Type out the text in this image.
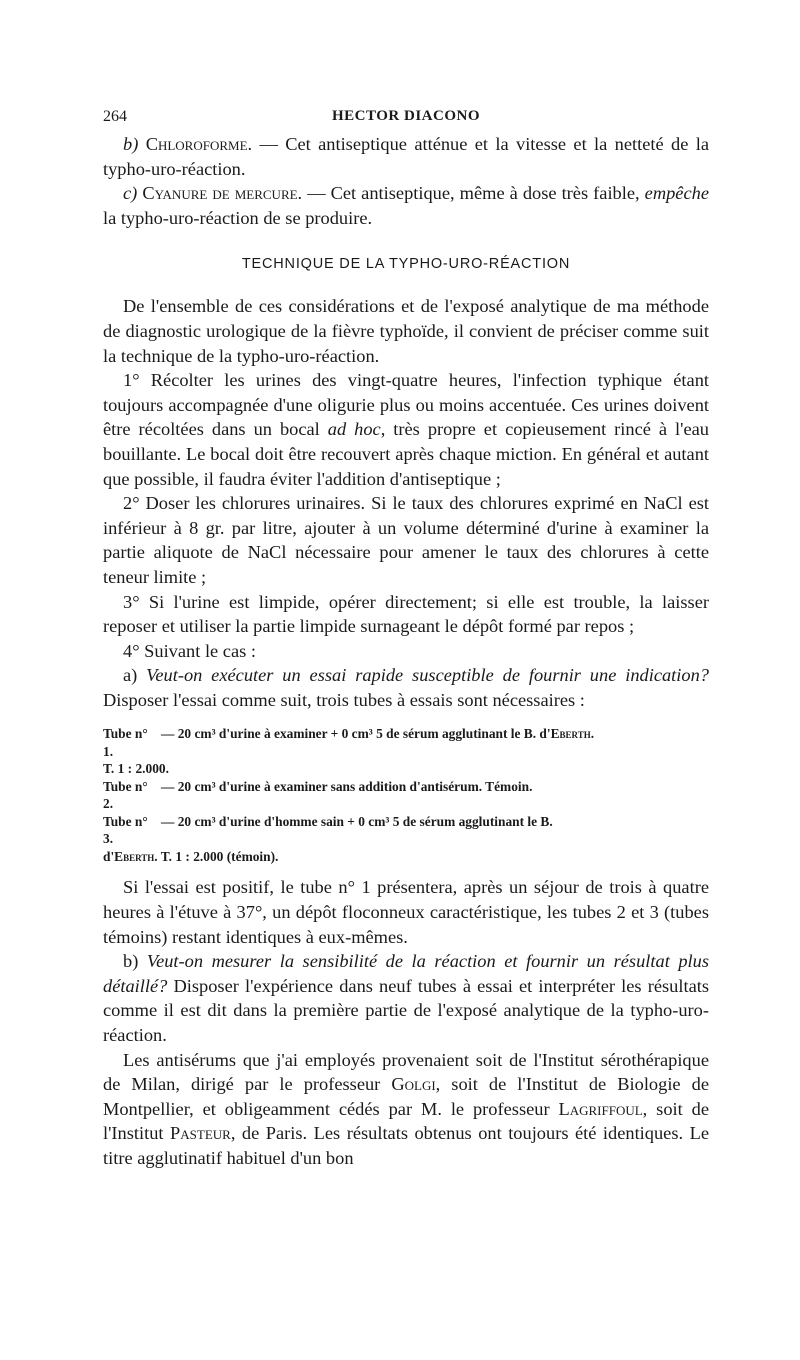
264	HECTOR DIACONO

b) Chloroforme. — Cet antiseptique atténue et la vitesse et la netteté de la typho-uro-réaction.

c) Cyanure de mercure. — Cet antiseptique, même à dose très faible, empêche la typho-uro-réaction de se produire.

TECHNIQUE DE LA TYPHO-URO-RÉACTION

De l'ensemble de ces considérations et de l'exposé analytique de ma méthode de diagnostic urologique de la fièvre typhoïde, il convient de préciser comme suit la technique de la typho-uro-réaction.

1° Récolter les urines des vingt-quatre heures, l'infection typhique étant toujours accompagnée d'une oligurie plus ou moins accentuée. Ces urines doivent être récoltées dans un bocal ad hoc, très propre et copieusement rincé à l'eau bouillante. Le bocal doit être recouvert après chaque miction. En général et autant que possible, il faudra éviter l'addition d'antiseptique ;

2° Doser les chlorures urinaires. Si le taux des chlorures exprimé en NaCl est inférieur à 8 gr. par litre, ajouter à un volume déterminé d'urine à examiner la partie aliquote de NaCl nécessaire pour amener le taux des chlorures à cette teneur limite ;

3° Si l'urine est limpide, opérer directement; si elle est trouble, la laisser reposer et utiliser la partie limpide surnageant le dépôt formé par repos ;

4° Suivant le cas :

a) Veut-on exécuter un essai rapide susceptible de fournir une indication? Disposer l'essai comme suit, trois tubes à essais sont nécessaires :

Tube n° 1.
— 20 cm³ d'urine à examiner + 0 cm³ 5 de sérum agglutinant le B. d'Eberth.
T. 1 : 2.000.
Tube n° 2.
— 20 cm³ d'urine à examiner sans addition d'antisérum. Témoin.
Tube n° 3.
— 20 cm³ d'urine d'homme sain + 0 cm³ 5 de sérum agglutinant le B.
d'Eberth. T. 1 : 2.000 (témoin).

Si l'essai est positif, le tube n° 1 présentera, après un séjour de trois à quatre heures à l'étuve à 37°, un dépôt floconneux caractéristique, les tubes 2 et 3 (tubes témoins) restant identiques à eux-mêmes.

b) Veut-on mesurer la sensibilité de la réaction et fournir un résultat plus détaillé? Disposer l'expérience dans neuf tubes à essai et interpréter les résultats comme il est dit dans la première partie de l'exposé analytique de la typho-uro-réaction.

Les antisérums que j'ai employés provenaient soit de l'Institut sérothérapique de Milan, dirigé par le professeur Golgi, soit de l'Institut de Biologie de Montpellier, et obligeamment cédés par M. le professeur Lagriffoul, soit de l'Institut Pasteur, de Paris. Les résultats obtenus ont toujours été identiques. Le titre agglutinatif habituel d'un bon
